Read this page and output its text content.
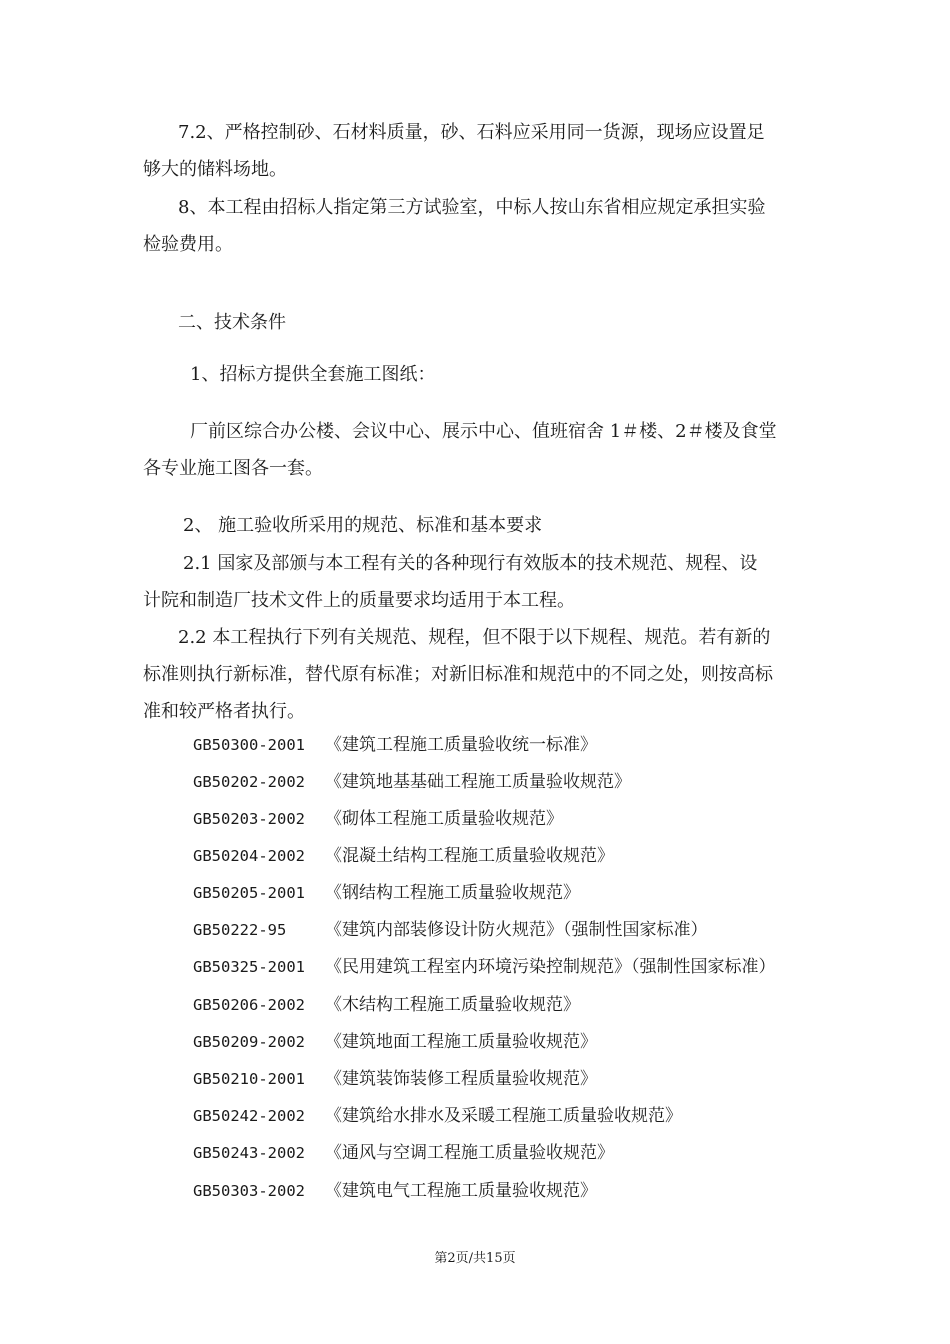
7.2、严格控制砂、石材料质量，砂、石料应采用同一货源，现场应设置足
够大的储料场地。
8、本工程由招标人指定第三方试验室，中标人按山东省相应规定承担实验
检验费用。
二、技术条件
1、招标方提供全套施工图纸：
厂前区综合办公楼、会议中心、展示中心、值班宿舍 1＃楼、2＃楼及食堂
各专业施工图各一套。
2、 施工验收所采用的规范、标准和基本要求
2.1 国家及部颁与本工程有关的各种现行有效版本的技术规范、规程、设
计院和制造厂技术文件上的质量要求均适用于本工程。
2.2 本工程执行下列有关规范、规程，但不限于以下规程、规范。若有新的
标准则执行新标准，替代原有标准；对新旧标准和规范中的不同之处，则按高标
准和较严格者执行。
GB50300-2001 《建筑工程施工质量验收统一标准》
GB50202-2002 《建筑地基基础工程施工质量验收规范》
GB50203-2002 《砌体工程施工质量验收规范》
GB50204-2002 《混凝土结构工程施工质量验收规范》
GB50205-2001 《钢结构工程施工质量验收规范》
GB50222-95 《建筑内部装修设计防火规范》（强制性国家标准）
GB50325-2001 《民用建筑工程室内环境污染控制规范》（强制性国家标准）
GB50206-2002 《木结构工程施工质量验收规范》
GB50209-2002 《建筑地面工程施工质量验收规范》
GB50210-2001 《建筑装饰装修工程质量验收规范》
GB50242-2002 《建筑给水排水及采暖工程施工质量验收规范》
GB50243-2002 《通风与空调工程施工质量验收规范》
GB50303-2002 《建筑电气工程施工质量验收规范》
第2页/共15页
